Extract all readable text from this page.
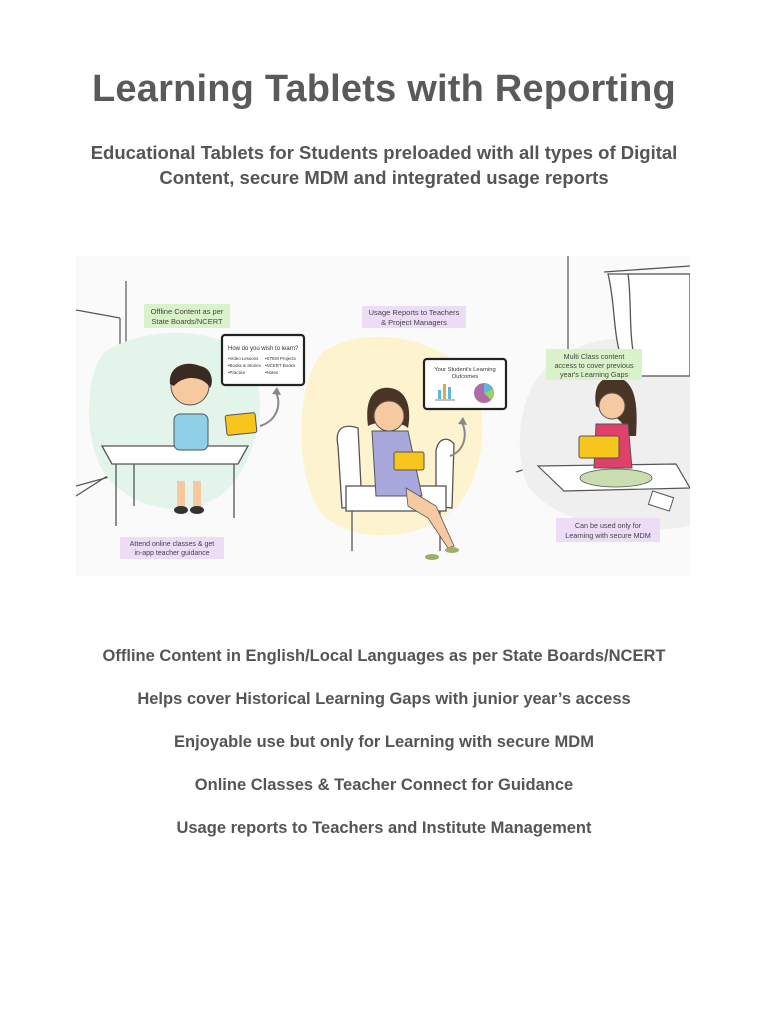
Learning Tablets with Reporting

Educational Tablets for Students preloaded with all types of Digital Content, secure MDM and integrated usage reports

Offline Content as per
State Boards/NCERT
How do you wish to learn?
•Video Lessons •STEM Projects
•Books & Stories •NCERT Books
•Practice	•Notes
Attend online classes & get
in-app teacher guidance
Usage Reports to Teachers
& Project Managers
Your Student's Learning
Outcomes
Multi Class content
access to cover previous
year's Learning Gaps
Can be used only for
Learning with secure MDM
Offline Content in English/Local Languages as per State Boards/NCERT
Helps cover Historical Learning Gaps with junior year’s access
Enjoyable use but only for Learning with secure MDM
Online Classes & Teacher Connect for Guidance
Usage reports to Teachers and Institute Management
